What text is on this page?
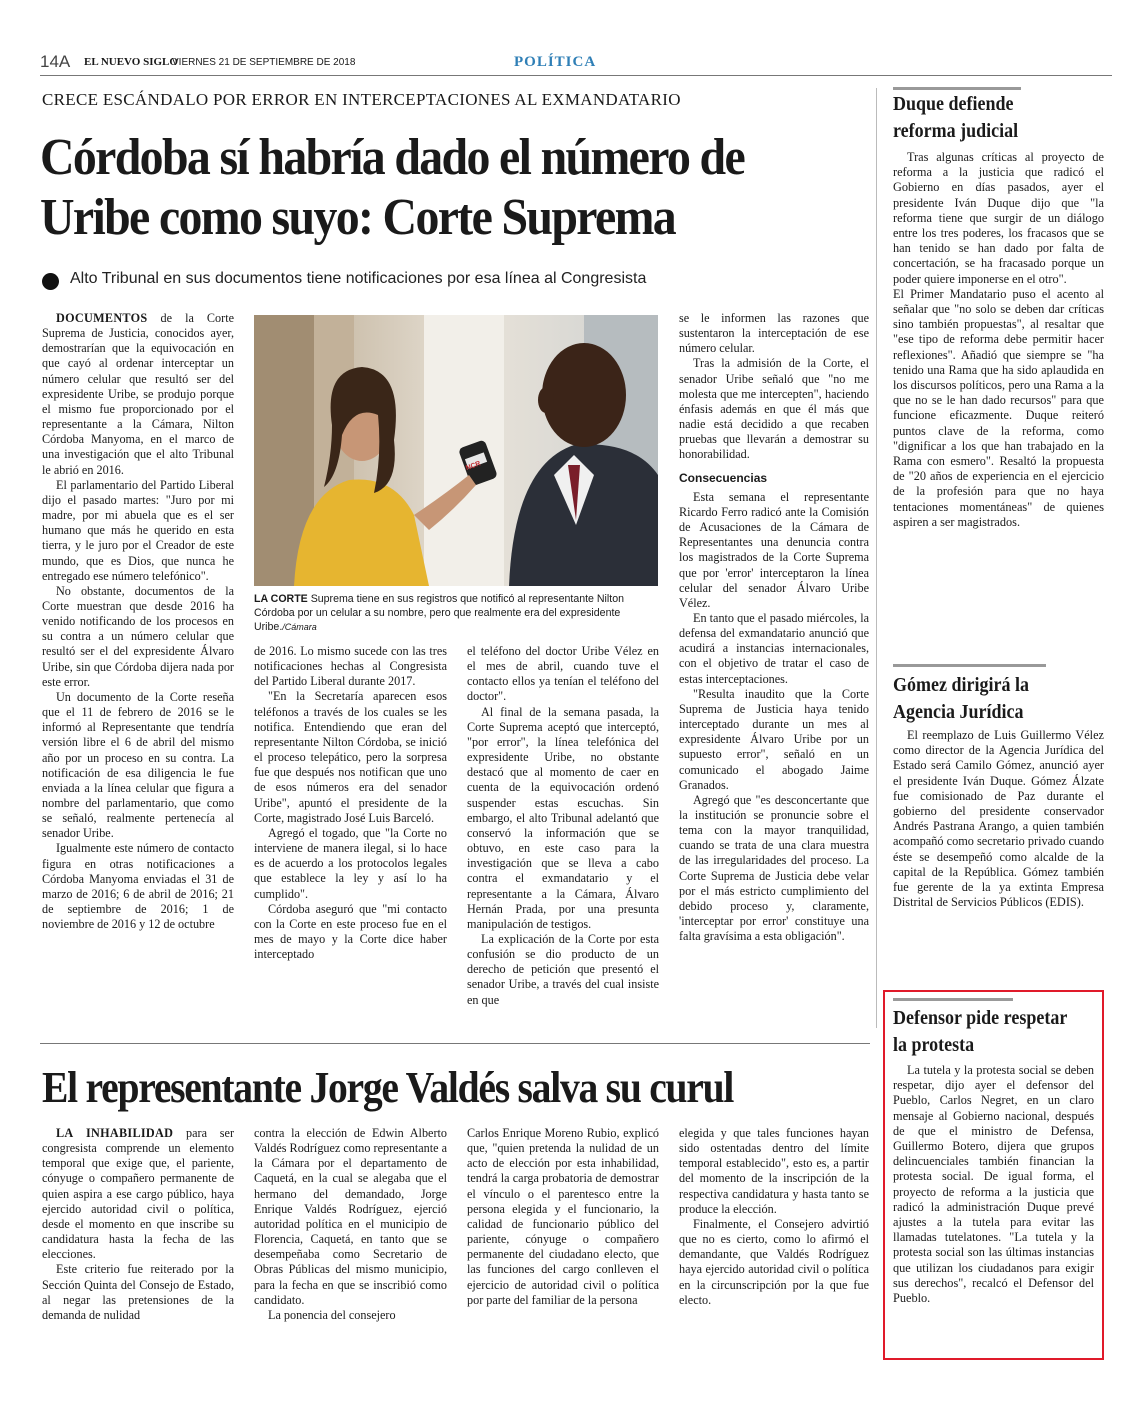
14A EL NUEVO SIGLO
VIERNES 21 DE SEPTIEMBRE DE 2018	POLÍTICA
CRECE ESCÁNDALO POR ERROR EN INTERCEPTACIONES AL EXMANDATARIO
Córdoba sí habría dado el número de Uribe como suyo: Corte Suprema
Alto Tribunal en sus documentos tiene notificaciones por esa línea al Congresista

DOCUMENTOS de la Corte Suprema de Justicia, conocidos ayer, demostrarían que la equivocación en que cayó al ordenar interceptar un número celular que resultó ser del expresidente Uribe, se produjo porque el mismo fue proporcionado por el representante a la Cámara, Nilton Córdoba Manyoma, en el marco de una investigación que el alto Tribunal le abrió en 2016.

El parlamentario del Partido Liberal dijo el pasado martes: "Juro por mi madre, por mi abuela que es el ser humano que más he querido en esta tierra, y le juro por el Creador de este mundo, que es Dios, que nunca he entregado ese número telefónico".

No obstante, documentos de la Corte muestran que desde 2016 ha venido notificando de los procesos en su contra a un número celular que resultó ser el del expresidente Álvaro Uribe, sin que Córdoba dijera nada por este error.

Un documento de la Corte reseña que el 11 de febrero de 2016 se le informó al Representante que tendría versión libre el 6 de abril del mismo año por un proceso en su contra. La notificación de esa diligencia le fue enviada a la línea celular que figura a nombre del parlamentario, que como se señaló, realmente pertenecía al senador Uribe.

Igualmente este número de contacto figura en otras notificaciones a Córdoba Manyoma enviadas el 31 de marzo de 2016; 6 de abril de 2016; 21 de septiembre de 2016; 1 de noviembre de 2016 y 12 de octubre

NCR
LA CORTE Suprema tiene en sus registros que notificó al representante Nilton Córdoba por un celular a su nombre, pero que realmente era del expresidente Uribe./Cámara

de 2016. Lo mismo sucede con las tres notificaciones hechas al Congresista del Partido Liberal durante 2017.

"En la Secretaría aparecen esos teléfonos a través de los cuales se les notifica. Entendiendo que eran del representante Nilton Córdoba, se inició el proceso telepático, pero la sorpresa fue que después nos notifican que uno de esos números era del senador Uribe", apuntó el presidente de la Corte, magistrado José Luis Barceló.

Agregó el togado, que "la Corte no interviene de manera ilegal, si lo hace es de acuerdo a los protocolos legales que establece la ley y así lo ha cumplido".

Córdoba aseguró que "mi contacto con la Corte en este proceso fue en el mes de mayo y la Corte dice haber interceptado

el teléfono del doctor Uribe Vélez en el mes de abril, cuando tuve el contacto ellos ya tenían el teléfono del doctor".

Al final de la semana pasada, la Corte Suprema aceptó que interceptó, "por error", la línea telefónica del expresidente Uribe, no obstante destacó que al momento de caer en cuenta de la equivocación ordenó suspender estas escuchas. Sin embargo, el alto Tribunal adelantó que conservó la información que se obtuvo, en este caso para la investigación que se lleva a cabo contra el exmandatario y el representante a la Cámara, Álvaro Hernán Prada, por una presunta manipulación de testigos.

La explicación de la Corte por esta confusión se dio producto de un derecho de petición que presentó el senador Uribe, a través del cual insiste en que

se le informen las razones que sustentaron la interceptación de ese número celular.

Tras la admisión de la Corte, el senador Uribe señaló que "no me molesta que me intercepten", haciendo énfasis además en que él más que nadie está decidido a que recaben pruebas que llevarán a demostrar su honorabilidad.

Consecuencias

Esta semana el representante Ricardo Ferro radicó ante la Comisión de Acusaciones de la Cámara de Representantes una denuncia contra los magistrados de la Corte Suprema que por 'error' interceptaron la línea celular del senador Álvaro Uribe Vélez.

En tanto que el pasado miércoles, la defensa del exmandatario anunció que acudirá a instancias internacionales, con el objetivo de tratar el caso de estas interceptaciones.

"Resulta inaudito que la Corte Suprema de Justicia haya tenido interceptado durante un mes al expresidente Álvaro Uribe por un supuesto error", señaló en un comunicado el abogado Jaime Granados.

Agregó que "es desconcertante que la institución se pronuncie sobre el tema con la mayor tranquilidad, cuando se trata de una clara muestra de las irregularidades del proceso. La Corte Suprema de Justicia debe velar por el más estricto cumplimiento del debido proceso y, claramente, 'interceptar por error' constituye una falta gravísima a esta obligación".

El representante Jorge Valdés salva su curul

LA INHABILIDAD para ser congresista comprende un elemento temporal que exige que, el pariente, cónyuge o compañero permanente de quien aspira a ese cargo público, haya ejercido autoridad civil o política, desde el momento en que inscribe su candidatura hasta la fecha de las elecciones.

Este criterio fue reiterado por la Sección Quinta del Consejo de Estado, al negar las pretensiones de la demanda de nulidad

contra la elección de Edwin Alberto Valdés Rodríguez como representante a la Cámara por el departamento de Caquetá, en la cual se alegaba que el hermano del demandado, Jorge Enrique Valdés Rodríguez, ejerció autoridad política en el municipio de Florencia, Caquetá, en tanto que se desempeñaba como Secretario de Obras Públicas del mismo municipio, para la fecha en que se inscribió como candidato.

La ponencia del consejero

Carlos Enrique Moreno Rubio, explicó que, "quien pretenda la nulidad de un acto de elección por esta inhabilidad, tendrá la carga probatoria de demostrar el vínculo o el parentesco entre la persona elegida y el funcionario, la calidad de funcionario público del pariente, cónyuge o compañero permanente del ciudadano electo, que las funciones del cargo conlleven el ejercicio de autoridad civil o política por parte del familiar de la persona

elegida y que tales funciones hayan sido ostentadas dentro del límite temporal establecido", esto es, a partir del momento de la inscripción de la respectiva candidatura y hasta tanto se produce la elección.

Finalmente, el Consejero advirtió que no es cierto, como lo afirmó el demandante, que Valdés Rodríguez haya ejercido autoridad civil o política en la circunscripción por la que fue electo.

Duque defiende reforma judicial

Tras algunas críticas al proyecto de reforma a la justicia que radicó el Gobierno en días pasados, ayer el presidente Iván Duque dijo que "la reforma tiene que surgir de un diálogo entre los tres poderes, los fracasos que se han tenido se han dado por falta de concertación, se ha fracasado porque un poder quiere imponerse en el otro".

El Primer Mandatario puso el acento al señalar que "no solo se deben dar críticas sino también propuestas", al resaltar que "ese tipo de reforma debe permitir hacer reflexiones". Añadió que siempre se "ha tenido una Rama que ha sido aplaudida en los discursos políticos, pero una Rama a la que no se le han dado recursos" para que funcione eficazmente. Duque reiteró puntos clave de la reforma, como "dignificar a los que han trabajado en la Rama con esmero". Resaltó la propuesta de "20 años de experiencia en el ejercicio de la profesión para que no haya tentaciones momentáneas" de quienes aspiren a ser magistrados.

Gómez dirigirá la Agencia Jurídica

El reemplazo de Luis Guillermo Vélez como director de la Agencia Jurídica del Estado será Camilo Gómez, anunció ayer el presidente Iván Duque. Gómez Álzate fue comisionado de Paz durante el gobierno del presidente conservador Andrés Pastrana Arango, a quien también acompañó como secretario privado cuando éste se desempeñó como alcalde de la capital de la República. Gómez también fue gerente de la ya extinta Empresa Distrital de Servicios Públicos (EDIS).

Defensor pide respetar la protesta

La tutela y la protesta social se deben respetar, dijo ayer el defensor del Pueblo, Carlos Negret, en un claro mensaje al Gobierno nacional, después de que el ministro de Defensa, Guillermo Botero, dijera que grupos delincuenciales también financian la protesta social. De igual forma, el proyecto de reforma a la justicia que radicó la administración Duque prevé ajustes a la tutela para evitar las llamadas tutelatones. "La tutela y la protesta social son las últimas instancias que utilizan los ciudadanos para exigir sus derechos", recalcó el Defensor del Pueblo.
